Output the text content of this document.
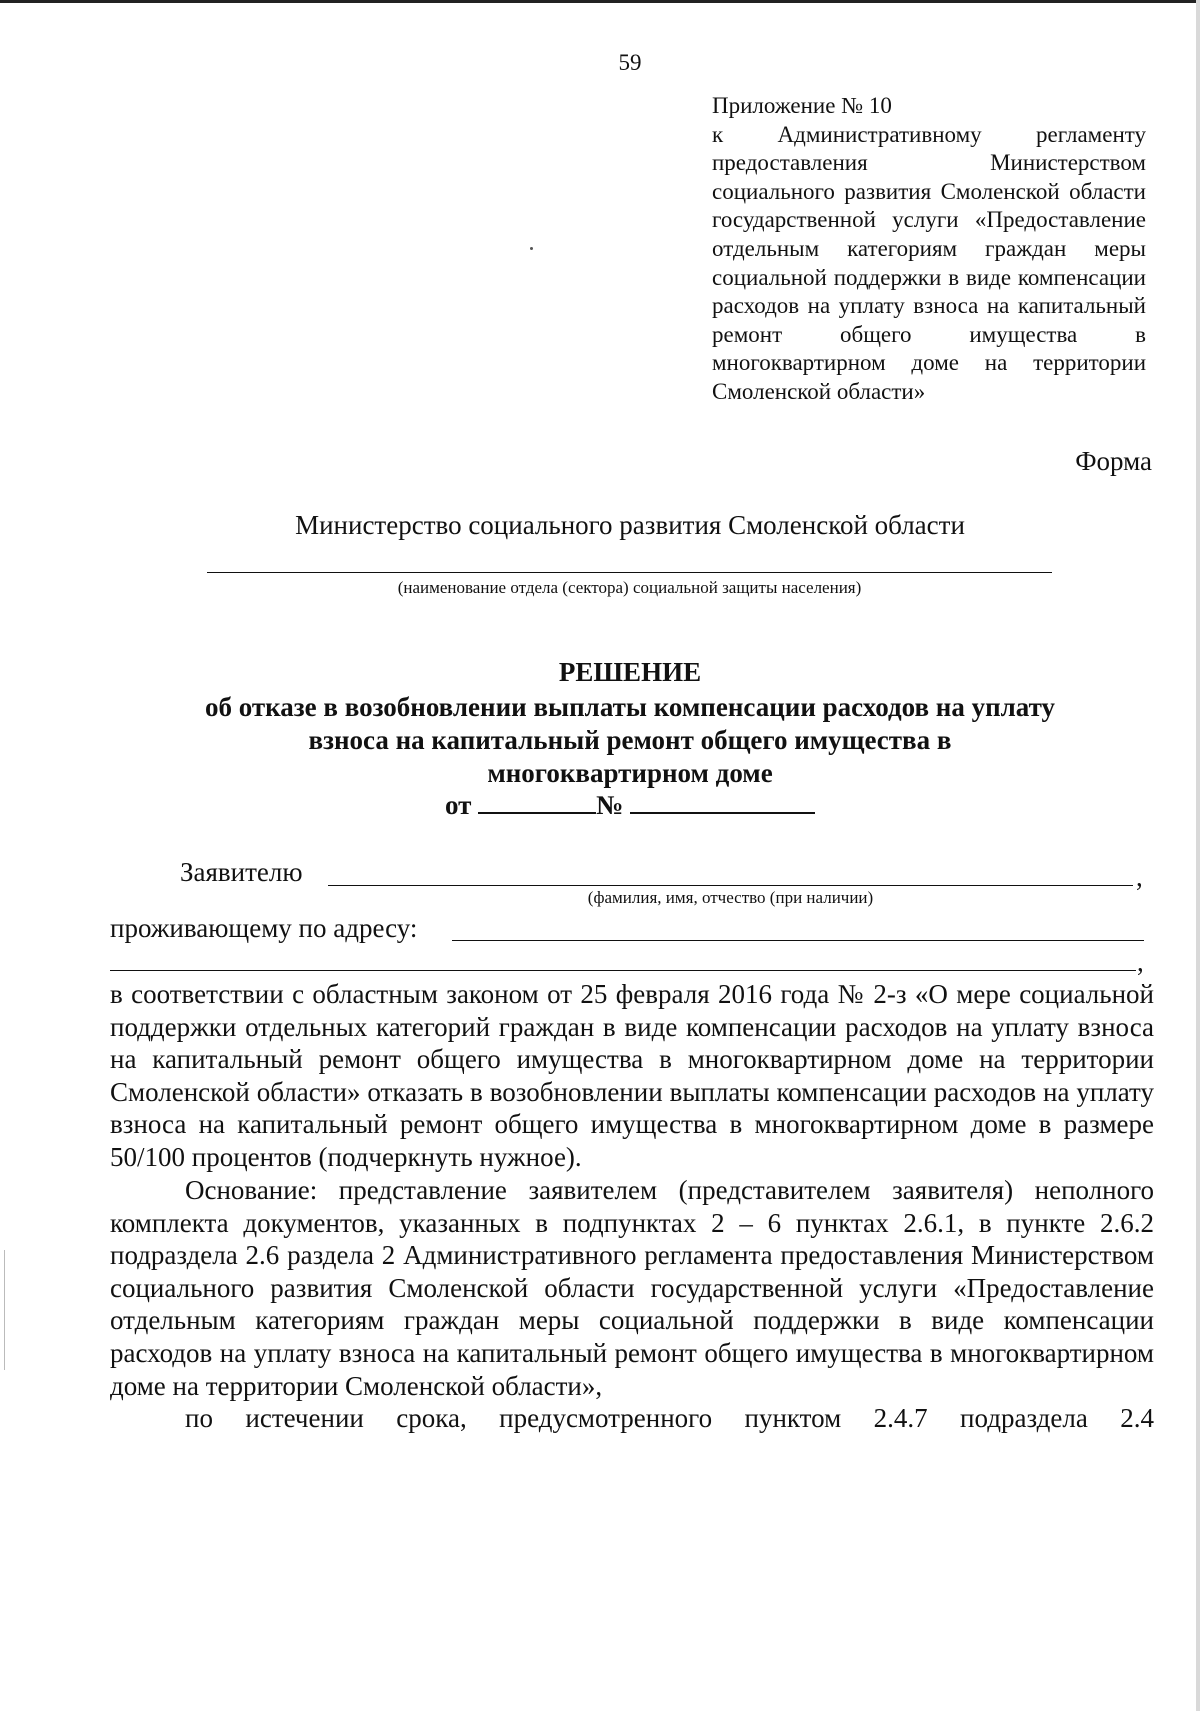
59
Приложение № 10
к Административному регламенту предоставления Министерством социального развития Смоленской области государственной услуги «Предоставление отдельным категориям граждан меры социальной поддержки в виде компенсации расходов на уплату взноса на капитальный ремонт общего имущества в многоквартирном доме на территории Смоленской области»
Форма
Министерство социального развития Смоленской области
(наименование отдела (сектора) социальной защиты населения)
РЕШЕНИЕ
об отказе в возобновлении выплаты компенсации расходов на уплату взноса на капитальный ремонт общего имущества в многоквартирном доме
от	№
Заявителю	,
(фамилия, имя, отчество (при наличии)
проживающему по адресу:
,
в соответствии с областным законом от 25 февраля 2016 года № 2-з «О мере социальной поддержки отдельных категорий граждан в виде компенсации расходов на уплату взноса на капитальный ремонт общего имущества в многоквартирном доме на территории Смоленской области» отказать в возобновлении выплаты компенсации расходов на уплату взноса на капитальный ремонт общего имущества в многоквартирном доме в размере 50/100 процентов (подчеркнуть нужное).
Основание: представление заявителем (представителем заявителя) неполного комплекта документов, указанных в подпунктах 2 – 6 пунктах 2.6.1, в пункте 2.6.2 подраздела 2.6 раздела 2 Административного регламента предоставления Министерством социального развития Смоленской области государственной услуги «Предоставление отдельным категориям граждан меры социальной поддержки в виде компенсации расходов на уплату взноса на капитальный ремонт общего имущества в многоквартирном доме на территории Смоленской области»,
по истечении срока, предусмотренного пунктом 2.4.7 подраздела 2.4
